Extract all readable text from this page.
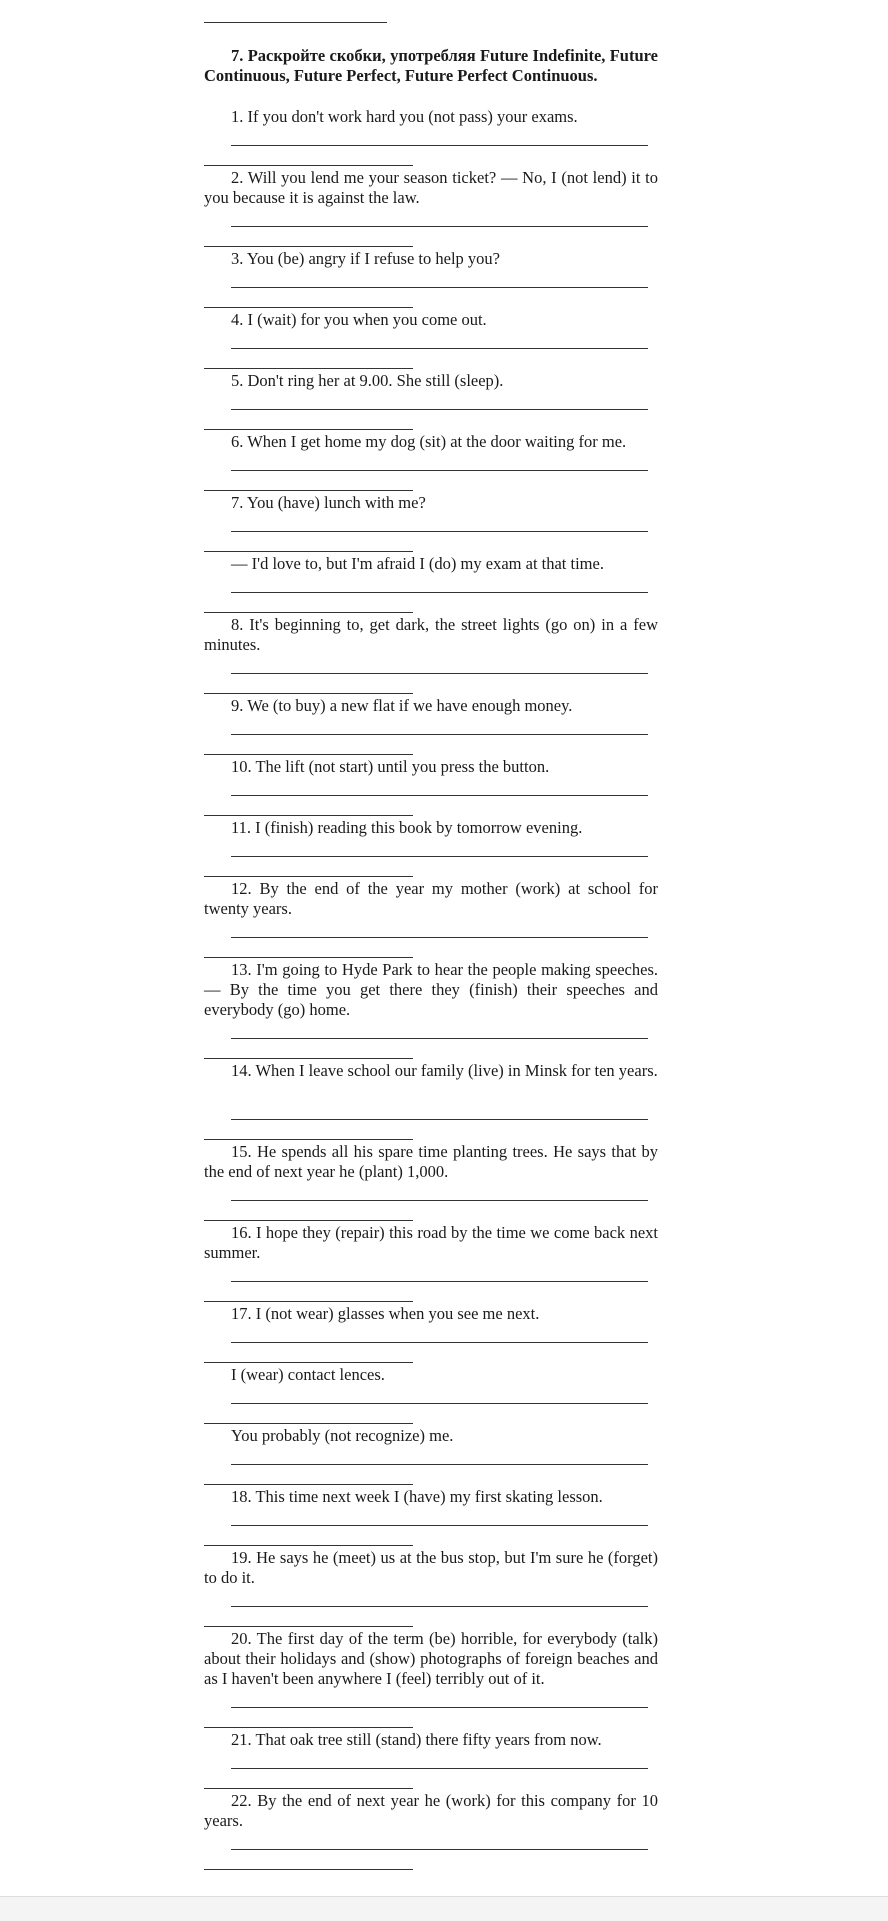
7. Раскройте скобки, употребляя Future Indefinite, Future Continuous, Future Perfect, Future Perfect Continuous.

1. If you don't work hard you (not pass) your exams.

2. Will you lend me your season ticket? — No, I (not lend) it to you because it is against the law.

3. You (be) angry if I refuse to help you?

4. I (wait) for you when you come out.

5. Don't ring her at 9.00. She still (sleep).

6. When I get home my dog (sit) at the door waiting for me.

7. You (have) lunch with me?

— I'd love to, but I'm afraid I (do) my exam at that time.

8. It's beginning to, get dark, the street lights (go on) in a few minutes.

9. We (to buy) a new flat if we have enough money.

10. The lift (not start) until you press the button.

11. I (finish) reading this book by tomorrow evening.

12. By the end of the year my mother (work) at school for twenty years.

13. I'm going to Hyde Park to hear the people making speeches. — By the time you get there they (finish) their speeches and everybody (go) home.

14. When I leave school our family (live) in Minsk for ten years.

15. He spends all his spare time planting trees. He says that by the end of next year he (plant) 1,000.

16. I hope they (repair) this road by the time we come back next summer.

17. I (not wear) glasses when you see me next.

I (wear) contact lences.

You probably (not recognize) me.

18. This time next week I (have) my first skating lesson.

19. He says he (meet) us at the bus stop, but I'm sure he (forget) to do it.

20. The first day of the term (be) horrible, for everybody (talk) about their holidays and (show) photographs of foreign beaches and as I haven't been anywhere I (feel) terribly out of it.

21. That oak tree still (stand) there fifty years from now.

22. By the end of next year he (work) for this company for 10 years.
